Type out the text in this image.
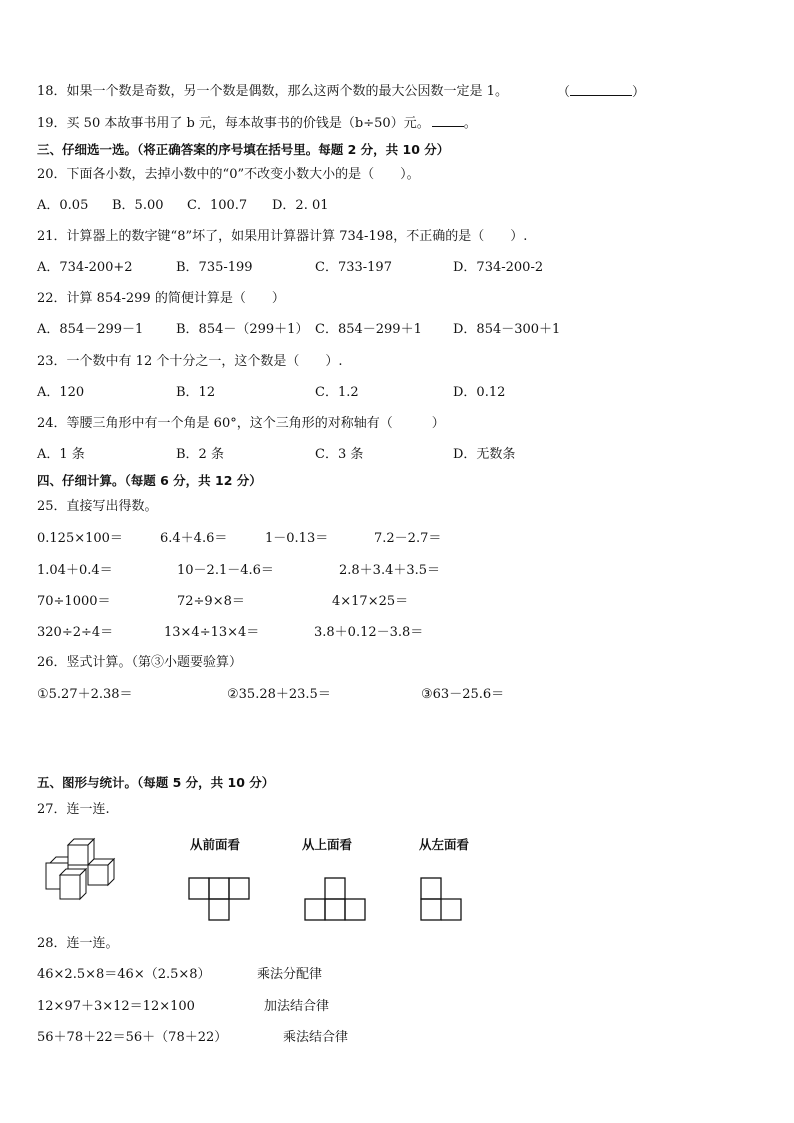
18．如果一个数是奇数，另一个数是偶数，那么这两个数的最大公因数一定是 1。	（	）
19．买 50 本故事书用了 b 元，每本故事书的价钱是（b÷50）元。	。
三、仔细选一选。（将正确答案的序号填在括号里。每题 2 分，共 10 分）
20．下面各小数，去掉小数中的“0”不改变小数大小的是（　　）。
A．0.05 B．5.00 C．100.7 D．2. 01
21．计算器上的数字键“8”坏了，如果用计算器计算 734-198，不正确的是（　　）.
A．734-200+2	B．735-199	C．733-197	D．734-200-2
22．计算 854-299 的简便计算是（　　）
A．854－299－1	B．854－（299＋1） C．854－299＋1 D．854－300＋1
23．一个数中有 12 个十分之一，这个数是（　　）.
A．120	B．12	C．1.2	D．0.12
24．等腰三角形中有一个角是 60°，这个三角形的对称轴有（　　　）
A．1 条	B．2 条	C．3 条	D．无数条
四、仔细计算。（每题 6 分，共 12 分）
25．直接写出得数。
0.125×100＝	6.4＋4.6＝	1－0.13＝	7.2－2.7＝
1.04＋0.4＝	10－2.1－4.6＝	2.8＋3.4＋3.5＝
70÷1000＝	72÷9×8＝	4×17×25＝
320÷2÷4＝	13×4÷13×4＝	3.8＋0.12－3.8＝
26．竖式计算。（第③小题要验算）
①5.27＋2.38＝	②35.28＋23.5＝	③63－25.6＝
五、图形与统计。（每题 5 分，共 10 分）
27．连一连.
从前面看	从上面看	从左面看
28．连一连。
46×2.5×8＝46×（2.5×8）	乘法分配律
12×97＋3×12＝12×100	加法结合律
56＋78＋22＝56＋（78＋22）	乘法结合律
